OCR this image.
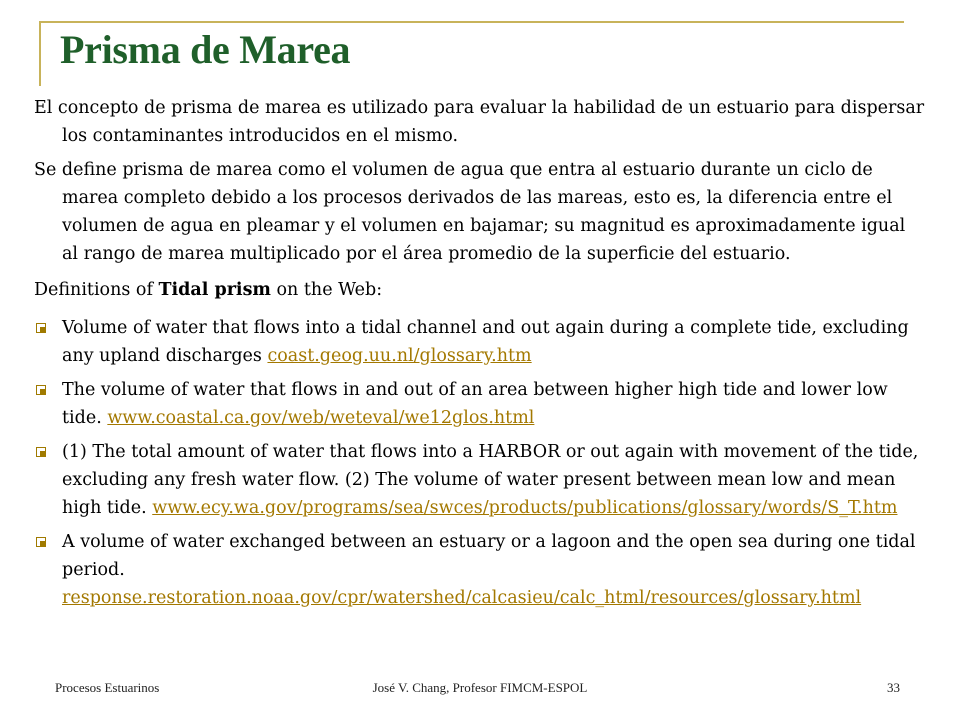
Prisma de Marea

El concepto de prisma de marea es utilizado para evaluar la habilidad de un estuario para dispersar los contaminantes introducidos en el mismo.

Se define prisma de marea como el volumen de agua que entra al estuario durante un ciclo de marea completo debido a los procesos derivados de las mareas, esto es, la diferencia entre el volumen de agua en pleamar y el volumen en bajamar; su magnitud es aproximadamente igual al rango de marea multiplicado por el área promedio de la superficie del estuario.

Definitions of Tidal prism on the Web:

Volume of water that flows into a tidal channel and out again during a complete tide, excluding any upland discharges coast.geog.uu.nl/glossary.htm
The volume of water that flows in and out of an area between higher high tide and lower low tide. www.coastal.ca.gov/web/weteval/we12glos.html
(1) The total amount of water that flows into a HARBOR or out again with movement of the tide, excluding any fresh water flow. (2) The volume of water present between mean low and mean high tide. www.ecy.wa.gov/programs/sea/swces/products/publications/glossary/words/S_T.htm
A volume of water exchanged between an estuary or a lagoon and the open sea during one tidal period. response.restoration.noaa.gov/cpr/watershed/calcasieu/calc_html/resources/glossary.html
Procesos Estuarinos	José V. Chang, Profesor FIMCM-ESPOL	33
